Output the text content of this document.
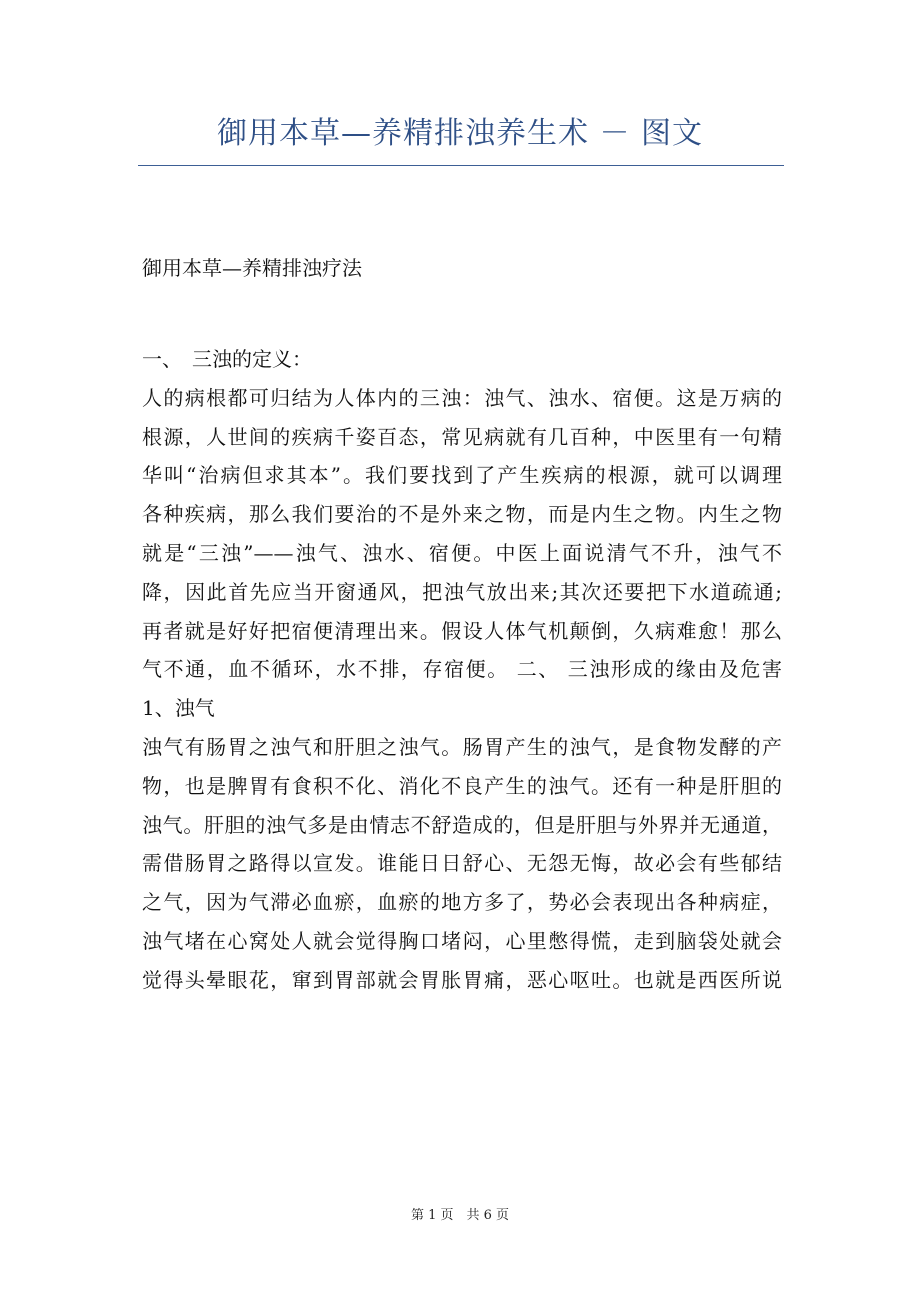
御用本草—养精排浊养生术 － 图文
御用本草—养精排浊疗法
一、　三浊的定义：
人的病根都可归结为人体内的三浊：浊气、浊水、宿便。这是万病的
根源，人世间的疾病千姿百态，常见病就有几百种，中医里有一句精
华叫“治病但求其本”。我们要找到了产生疾病的根源，就可以调理
各种疾病，那么我们要治的不是外来之物，而是内生之物。内生之物
就是“三浊”——浊气、浊水、宿便。中医上面说清气不升，浊气不
降，因此首先应当开窗通风，把浊气放出来;其次还要把下水道疏通;
再者就是好好把宿便清理出来。假设人体气机颠倒，久病难愈！那么
气不通，血不循环，水不排，存宿便。 二、 三浊形成的缘由及危害
1、浊气
浊气有肠胃之浊气和肝胆之浊气。肠胃产生的浊气，是食物发酵的产
物，也是脾胃有食积不化、消化不良产生的浊气。还有一种是肝胆的
浊气。肝胆的浊气多是由情志不舒造成的，但是肝胆与外界并无通道，
需借肠胃之路得以宣发。谁能日日舒心、无怨无悔，故必会有些郁结
之气，因为气滞必血瘀，血瘀的地方多了，势必会表现出各种病症，
浊气堵在心窝处人就会觉得胸口堵闷，心里憋得慌，走到脑袋处就会
觉得头晕眼花，窜到胃部就会胃胀胃痛，恶心呕吐。也就是西医所说
第 1 页　共 6 页
